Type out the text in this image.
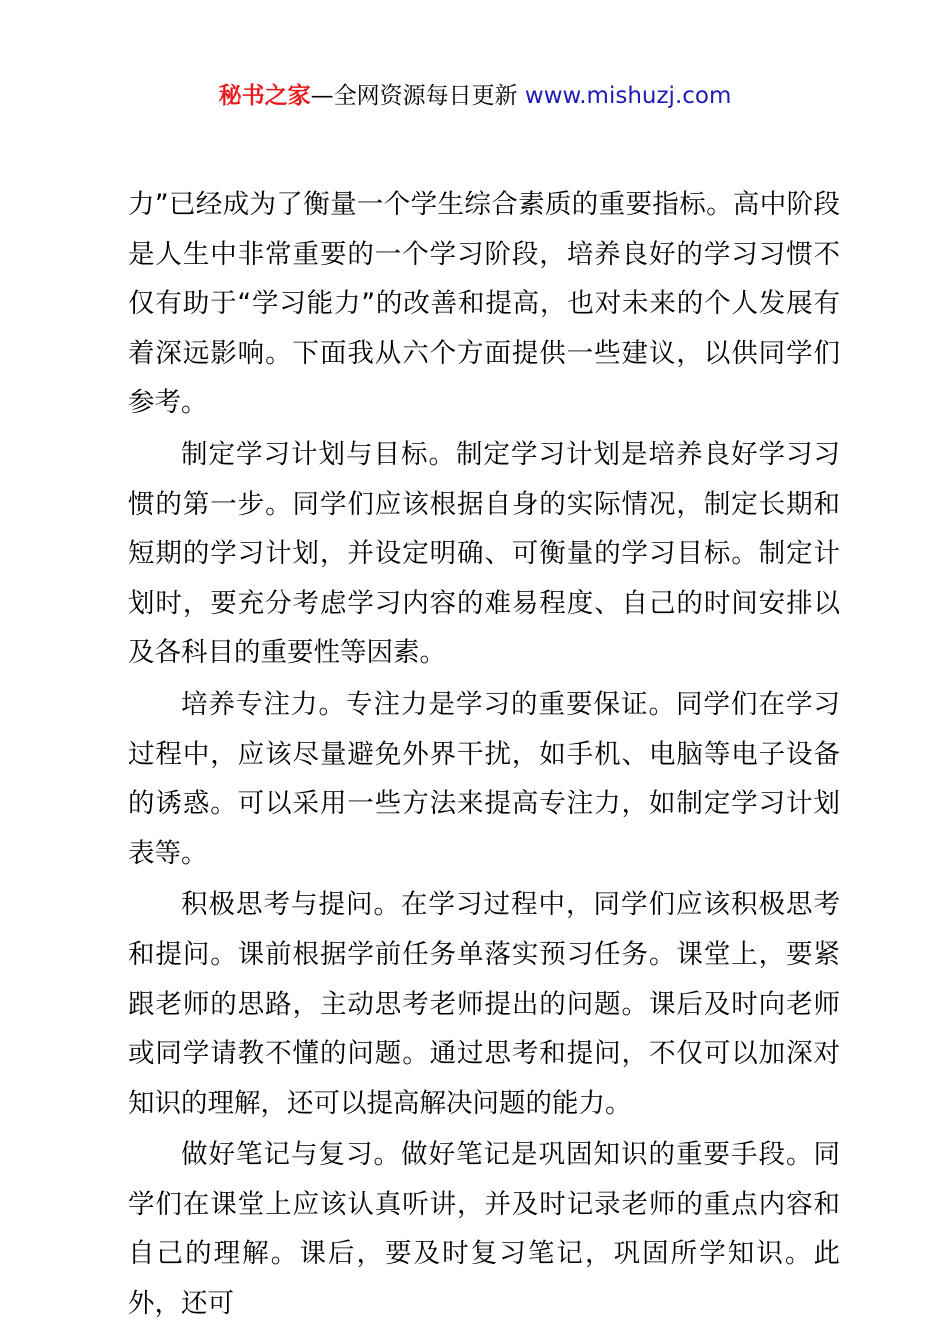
秘书之家—全网资源每日更新 www.mishuzj.com

力”已经成为了衡量一个学生综合素质的重要指标。高中阶段是人生中非常重要的一个学习阶段，培养良好的学习习惯不仅有助于“学习能力”的改善和提高，也对未来的个人发展有着深远影响。下面我从六个方面提供一些建议，以供同学们参考。

制定学习计划与目标。制定学习计划是培养良好学习习惯的第一步。同学们应该根据自身的实际情况，制定长期和短期的学习计划，并设定明确、可衡量的学习目标。制定计划时，要充分考虑学习内容的难易程度、自己的时间安排以及各科目的重要性等因素。

培养专注力。专注力是学习的重要保证。同学们在学习过程中，应该尽量避免外界干扰，如手机、电脑等电子设备的诱惑。可以采用一些方法来提高专注力，如制定学习计划表等。

积极思考与提问。在学习过程中，同学们应该积极思考和提问。课前根据学前任务单落实预习任务。课堂上，要紧跟老师的思路，主动思考老师提出的问题。课后及时向老师或同学请教不懂的问题。通过思考和提问，不仅可以加深对知识的理解，还可以提高解决问题的能力。

做好笔记与复习。做好笔记是巩固知识的重要手段。同学们在课堂上应该认真听讲，并及时记录老师的重点内容和自己的理解。课后，要及时复习笔记，巩固所学知识。此外，还可
